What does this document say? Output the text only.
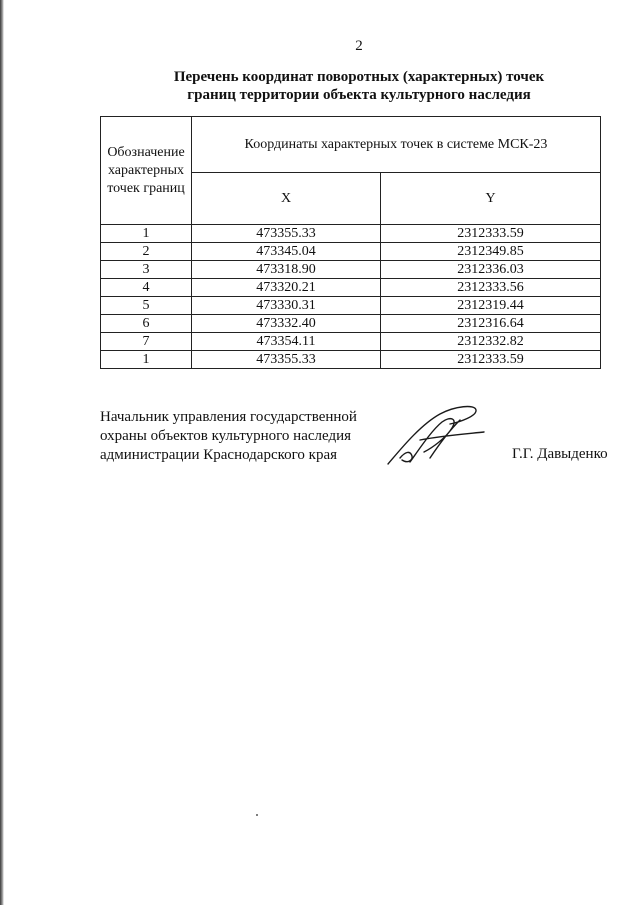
2
Перечень координат поворотных (характерных) точек
границ территории объекта культурного наследия
Обозначение
характерных
точек границ	Координаты характерных точек в системе МСК-23	
	X	Y
1	473355.33	2312333.59
2	473345.04	2312349.85
3	473318.90	2312336.03
4	473320.21	2312333.56
5	473330.31	2312319.44
6	473332.40	2312316.64
7	473354.11	2312332.82
1	473355.33	2312333.59
Начальник управления государственной
охраны объектов культурного наследия
администрации Краснодарского края	Г.Г. Давыденко
